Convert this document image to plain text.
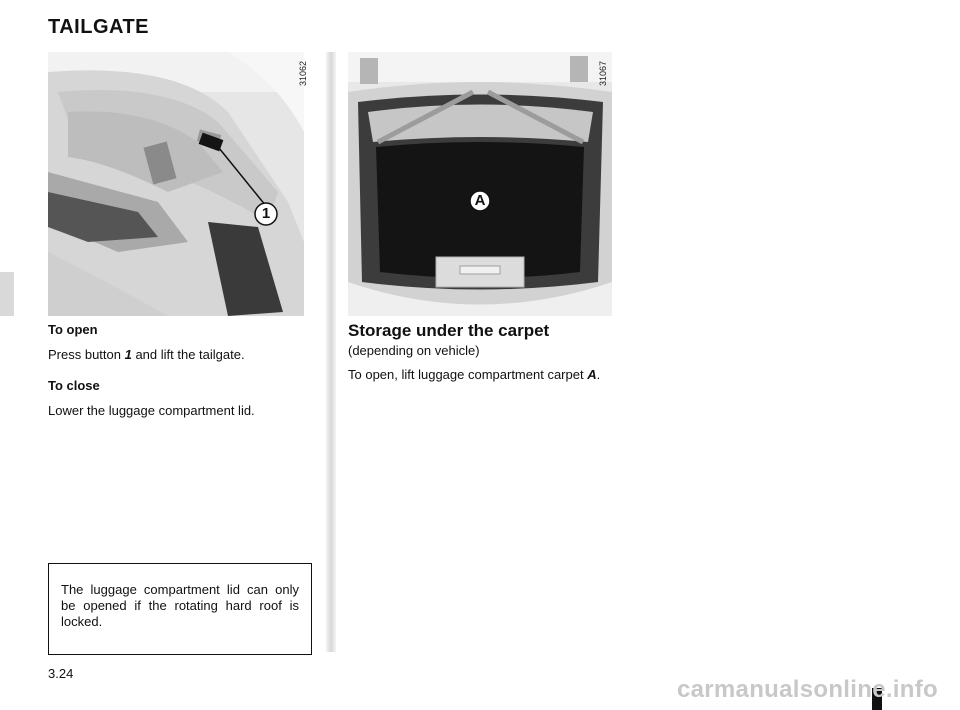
TAILGATE
1
31062
A
31067
To open
Press button 1 and lift the tailgate.
To close
Lower the luggage compartment lid.
The luggage compartment lid can only be opened if the rotating hard roof is locked.
Storage under the carpet
(depending on vehicle)
To open, lift luggage compartment carpet A.
3.24
carmanualsonline.info
